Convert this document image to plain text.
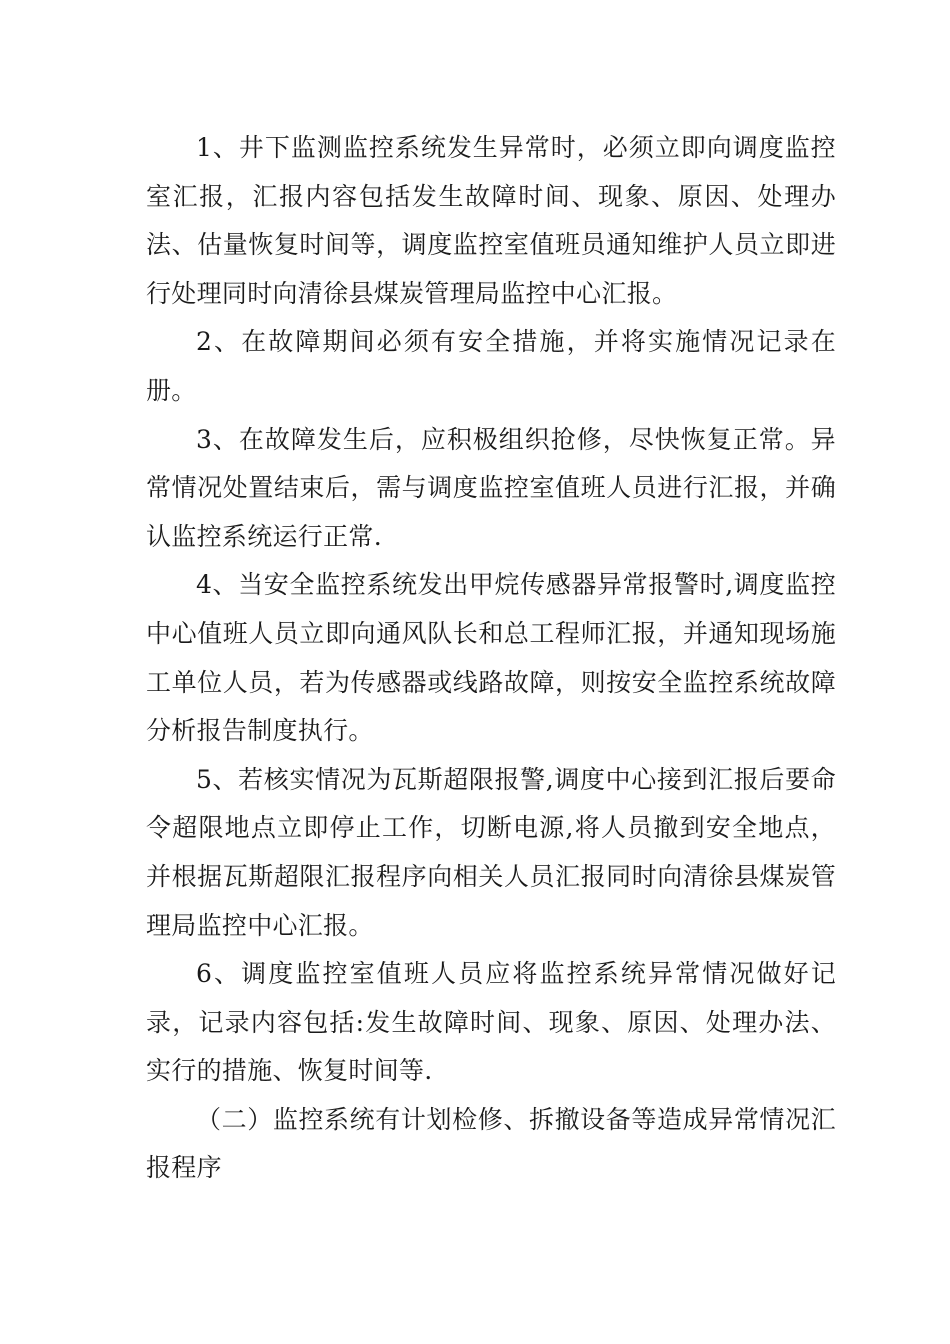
1、井下监测监控系统发生异常时，必须立即向调度监控室汇报，汇报内容包括发生故障时间、现象、原因、处理办法、估量恢复时间等，调度监控室值班员通知维护人员立即进行处理同时向清徐县煤炭管理局监控中心汇报。

2、在故障期间必须有安全措施，并将实施情况记录在册。

3、在故障发生后，应积极组织抢修，尽快恢复正常。异常情况处置结束后，需与调度监控室值班人员进行汇报，并确认监控系统运行正常.

4、当安全监控系统发出甲烷传感器异常报警时,调度监控中心值班人员立即向通风队长和总工程师汇报，并通知现场施工单位人员，若为传感器或线路故障，则按安全监控系统故障分析报告制度执行。

5、若核实情况为瓦斯超限报警,调度中心接到汇报后要命令超限地点立即停止工作，切断电源,将人员撤到安全地点，并根据瓦斯超限汇报程序向相关人员汇报同时向清徐县煤炭管理局监控中心汇报。

6、调度监控室值班人员应将监控系统异常情况做好记录，记录内容包括:发生故障时间、现象、原因、处理办法、实行的措施、恢复时间等.

（二）监控系统有计划检修、拆撤设备等造成异常情况汇报程序
